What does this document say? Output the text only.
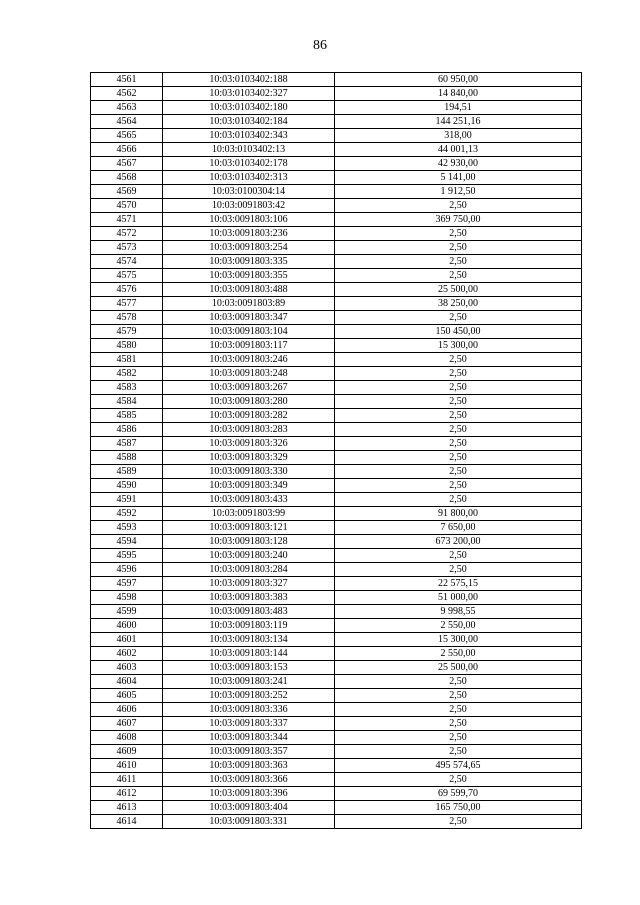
86
4561	10:03:0103402:188	60 950,00
4562	10:03:0103402:327	14 840,00
4563	10:03:0103402:180	194,51
4564	10:03:0103402:184	144 251,16
4565	10:03:0103402:343	318,00
4566	10:03:0103402:13	44 001,13
4567	10:03:0103402:178	42 930,00
4568	10:03:0103402:313	5 141,00
4569	10:03:0100304:14	1 912,50
4570	10:03:0091803:42	2,50
4571	10:03:0091803:106	369 750,00
4572	10:03:0091803:236	2,50
4573	10:03:0091803:254	2,50
4574	10:03:0091803:335	2,50
4575	10:03:0091803:355	2,50
4576	10:03:0091803:488	25 500,00
4577	10:03:0091803:89	38 250,00
4578	10:03:0091803:347	2,50
4579	10:03:0091803:104	150 450,00
4580	10:03:0091803:117	15 300,00
4581	10:03:0091803:246	2,50
4582	10:03:0091803:248	2,50
4583	10:03:0091803:267	2,50
4584	10:03:0091803:280	2,50
4585	10:03:0091803:282	2,50
4586	10:03:0091803:283	2,50
4587	10:03:0091803:326	2,50
4588	10:03:0091803:329	2,50
4589	10:03:0091803:330	2,50
4590	10:03:0091803:349	2,50
4591	10:03:0091803:433	2,50
4592	10:03:0091803:99	91 800,00
4593	10:03:0091803:121	7 650,00
4594	10:03:0091803:128	673 200,00
4595	10:03:0091803:240	2,50
4596	10:03:0091803:284	2,50
4597	10:03:0091803:327	22 575,15
4598	10:03:0091803:383	51 000,00
4599	10:03:0091803:483	9 998,55
4600	10:03:0091803:119	2 550,00
4601	10:03:0091803:134	15 300,00
4602	10:03:0091803:144	2 550,00
4603	10:03:0091803:153	25 500,00
4604	10:03:0091803:241	2,50
4605	10:03:0091803:252	2,50
4606	10:03:0091803:336	2,50
4607	10:03:0091803:337	2,50
4608	10:03:0091803:344	2,50
4609	10:03:0091803:357	2,50
4610	10:03:0091803:363	495 574,65
4611	10:03:0091803:366	2,50
4612	10:03:0091803:396	69 599,70
4613	10:03:0091803:404	165 750,00
4614	10:03:0091803:331	2,50
